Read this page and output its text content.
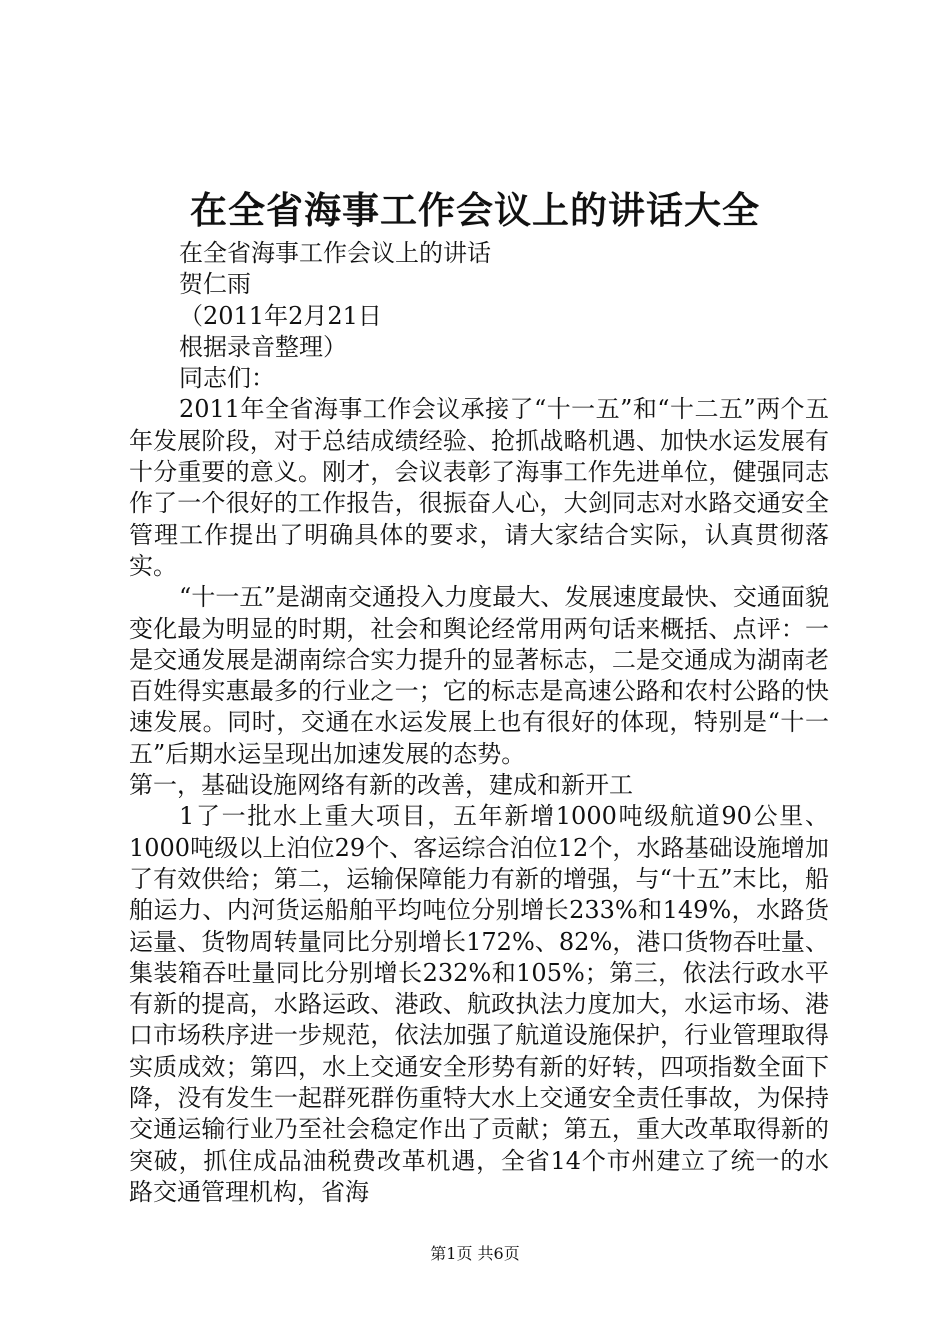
在全省海事工作会议上的讲话大全
在全省海事工作会议上的讲话
贺仁雨
（2011年2月21日
根据录音整理）
同志们：
2011年全省海事工作会议承接了“十一五”和“十二五”两个五年发展阶段，对于总结成绩经验、抢抓战略机遇、加快水运发展有十分重要的意义。刚才，会议表彰了海事工作先进单位，健强同志作了一个很好的工作报告，很振奋人心，大剑同志对水路交通安全管理工作提出了明确具体的要求，请大家结合实际，认真贯彻落实。
“十一五”是湖南交通投入力度最大、发展速度最快、交通面貌变化最为明显的时期，社会和舆论经常用两句话来概括、点评：一是交通发展是湖南综合实力提升的显著标志，二是交通成为湖南老百姓得实惠最多的行业之一；它的标志是高速公路和农村公路的快速发展。同时，交通在水运发展上也有很好的体现，特别是“十一五”后期水运呈现出加速发展的态势。
第一，基础设施网络有新的改善，建成和新开工
1了一批水上重大项目，五年新增1000吨级航道90公里、1000吨级以上泊位29个、客运综合泊位12个，水路基础设施增加了有效供给；第二，运输保障能力有新的增强，与“十五”末比，船舶运力、内河货运船舶平均吨位分别增长233%和149%，水路货运量、货物周转量同比分别增长172%、82%，港口货物吞吐量、集装箱吞吐量同比分别增长232%和105%；第三，依法行政水平有新的提高，水路运政、港政、航政执法力度加大，水运市场、港口市场秩序进一步规范，依法加强了航道设施保护，行业管理取得实质成效；第四，水上交通安全形势有新的好转，四项指数全面下降，没有发生一起群死群伤重特大水上交通安全责任事故，为保持交通运输行业乃至社会稳定作出了贡献；第五，重大改革取得新的突破，抓住成品油税费改革机遇，全省14个市州建立了统一的水路交通管理机构，省海
第1页 共6页
